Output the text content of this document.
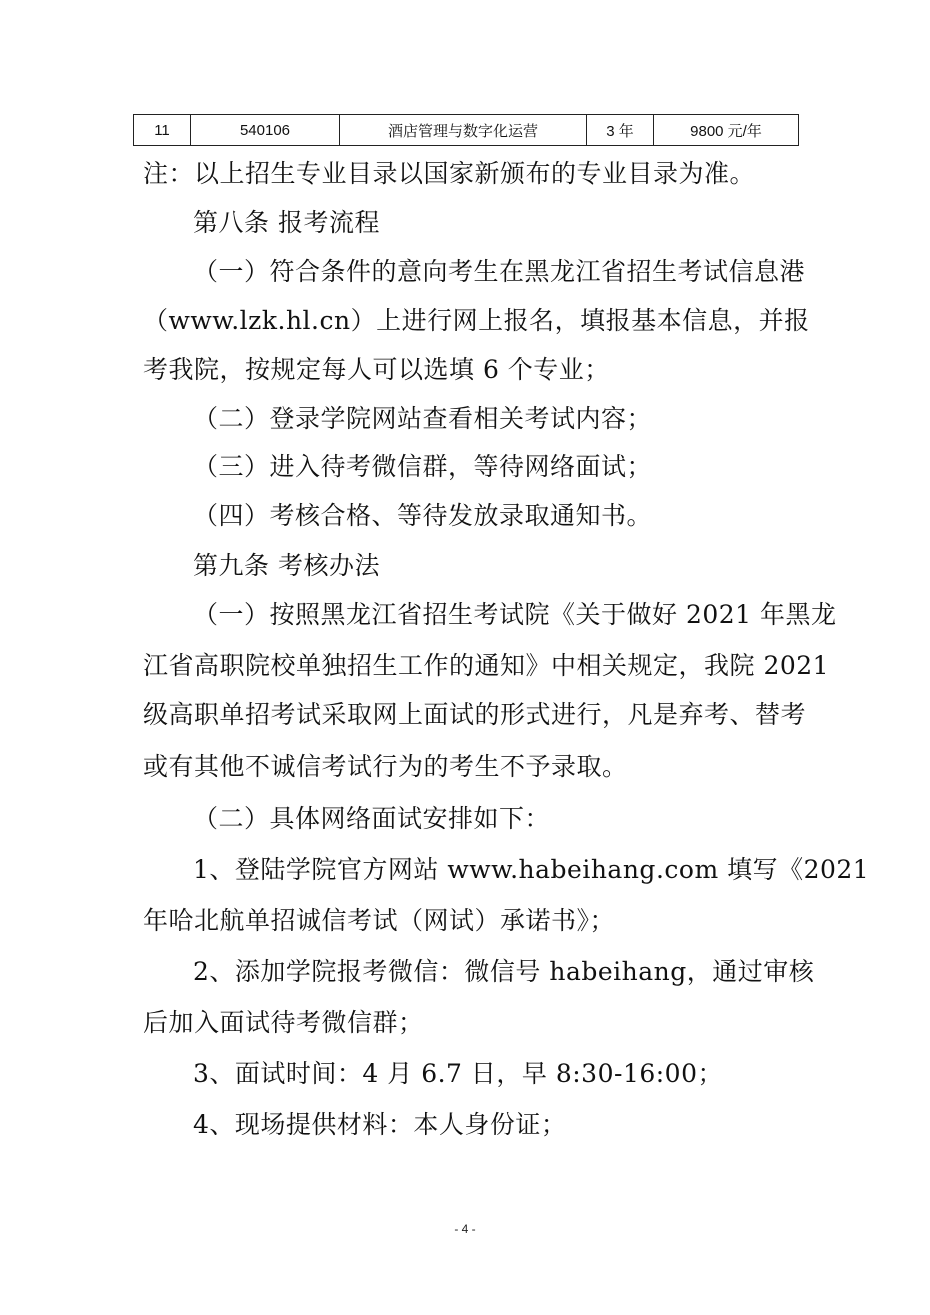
11	540106	酒店管理与数字化运营	3 年	9800 元/年
注：以上招生专业目录以国家新颁布的专业目录为准。
第八条 报考流程
（一）符合条件的意向考生在黑龙江省招生考试信息港
（www.lzk.hl.cn）上进行网上报名，填报基本信息，并报
考我院，按规定每人可以选填 6 个专业；
（二）登录学院网站查看相关考试内容；
（三）进入待考微信群，等待网络面试；
（四）考核合格、等待发放录取通知书。
第九条 考核办法
（一）按照黑龙江省招生考试院《关于做好 2021 年黑龙
江省高职院校单独招生工作的通知》中相关规定，我院 2021
级高职单招考试采取网上面试的形式进行，凡是弃考、替考
或有其他不诚信考试行为的考生不予录取。
（二）具体网络面试安排如下：
1、登陆学院官方网站 www.habeihang.com 填写《2021
年哈北航单招诚信考试（网试）承诺书》；
2、添加学院报考微信：微信号 habeihang，通过审核
后加入面试待考微信群；
3、面试时间：4 月 6.7 日，早 8:30-16:00；
4、现场提供材料：本人身份证；
- 4 -
